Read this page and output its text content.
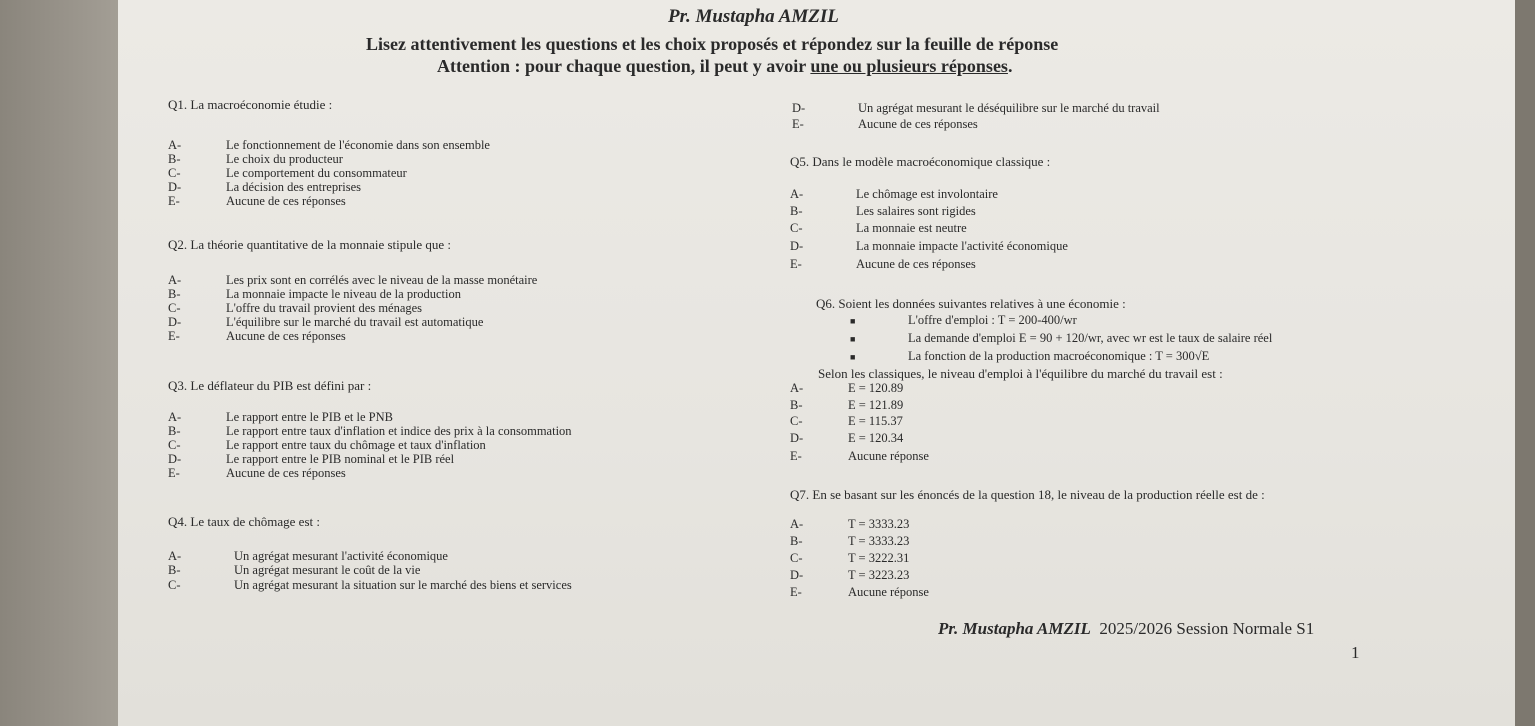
Pr. Mustapha AMZIL
Lisez attentivement les questions et les choix proposés et répondez sur la feuille de réponse
Attention : pour chaque question, il peut y avoir une ou plusieurs réponses.
Q1. La macroéconomie étudie :
A-	Le fonctionnement de l'économie dans son ensemble
B-	Le choix du producteur
C-	Le comportement du consommateur
D-	La décision des entreprises
E-	Aucune de ces réponses
Q2. La théorie quantitative de la monnaie stipule que :
A-	Les prix sont en corrélés avec le niveau de la masse monétaire
B-	La monnaie impacte le niveau de la production
C-	L'offre du travail provient des ménages
D-	L'équilibre sur le marché du travail est automatique
E-	Aucune de ces réponses
Q3. Le déflateur du PIB est défini par :
A-	Le rapport entre le PIB et le PNB
B-	Le rapport entre taux d'inflation et indice des prix à la consommation
C-	Le rapport entre taux du chômage et taux d'inflation
D-	Le rapport entre le PIB nominal et le PIB réel
E-	Aucune de ces réponses
Q4. Le taux de chômage est :
A-	Un agrégat mesurant l'activité économique
B-	Un agrégat mesurant le coût de la vie
C-	Un agrégat mesurant la situation sur le marché des biens et services
D-	Un agrégat mesurant le déséquilibre sur le marché du travail
E-	Aucune de ces réponses
Q5. Dans le modèle macroéconomique classique :
A-	Le chômage est involontaire
B-	Les salaires sont rigides
C-	La monnaie est neutre
D-	La monnaie impacte l'activité économique
E-	Aucune de ces réponses
Q6. Soient les données suivantes relatives à une économie :
■	L'offre d'emploi : T = 200-400/wr
■	La demande d'emploi E = 90 + 120/wr, avec wr est le taux de salaire réel
■	La fonction de la production macroéconomique : T = 300√E
Selon les classiques, le niveau d'emploi à l'équilibre du marché du travail est :
A-	E = 120.89
B-	E = 121.89
C-	E = 115.37
D-	E = 120.34
E-	Aucune réponse
Q7. En se basant sur les énoncés de la question 18, le niveau de la production réelle est de :
A-	T = 3333.23
B-	T = 3333.23
C-	T = 3222.31
D-	T = 3223.23
E-	Aucune réponse
Pr. Mustapha AMZIL 2025/2026 Session Normale S1
1
